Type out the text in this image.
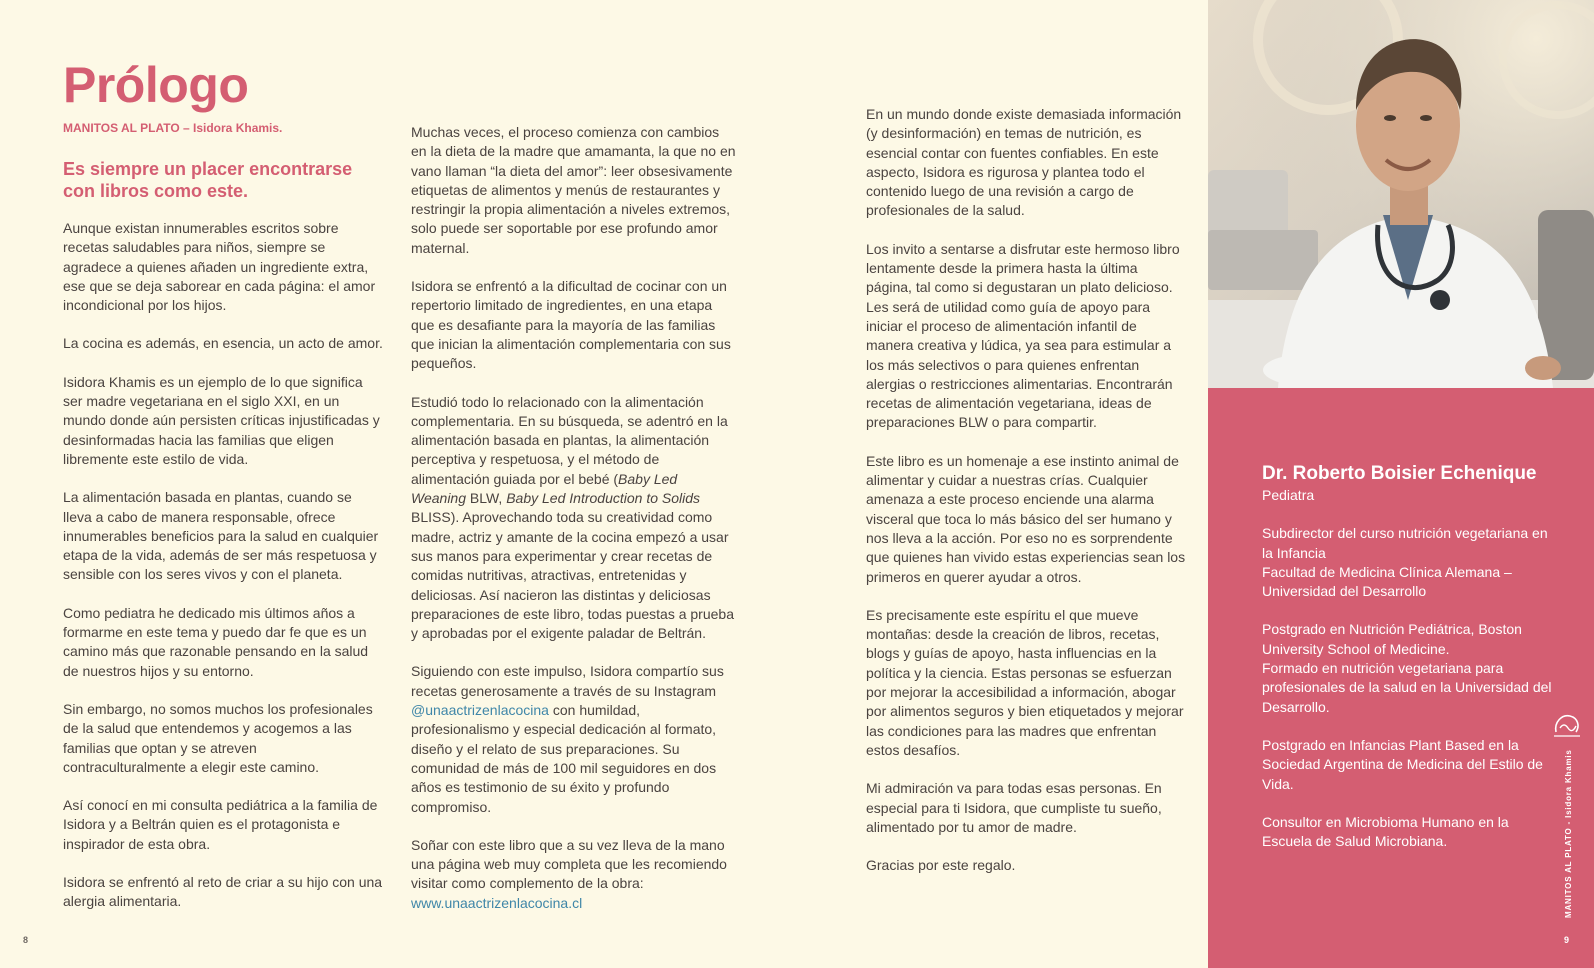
Prólogo
MANITOS AL PLATO – Isidora Khamis.

Es siempre un placer encontrarse con libros como este.

Aunque existan innumerables escritos sobre recetas saludables para niños, siempre se agradece a quienes añaden un ingrediente extra, ese que se deja saborear en cada página: el amor incondicional por los hijos.

La cocina es además, en esencia, un acto de amor.

Isidora Khamis es un ejemplo de lo que significa ser madre vegetariana en el siglo XXI, en un mundo donde aún persisten críticas injustificadas y desinformadas hacia las familias que eligen libremente este estilo de vida.

La alimentación basada en plantas, cuando se lleva a cabo de manera responsable, ofrece innumerables beneficios para la salud en cualquier etapa de la vida, además de ser más respetuosa y sensible con los seres vivos y con el planeta.

Como pediatra he dedicado mis últimos años a formarme en este tema y puedo dar fe que es un camino más que razonable pensando en la salud de nuestros hijos y su entorno.

Sin embargo, no somos muchos los profesionales de la salud que entendemos y acogemos a las familias que optan y se atreven contraculturalmente a elegir este camino.

Así conocí en mi consulta pediátrica a la familia de Isidora y a Beltrán quien es el protagonista e inspirador de esta obra.

Isidora se enfrentó al reto de criar a su hijo con una alergia alimentaria.

Muchas veces, el proceso comienza con cambios en la dieta de la madre que amamanta, la que no en vano llaman “la dieta del amor”: leer obsesivamente etiquetas de alimentos y menús de restaurantes y restringir la propia alimentación a niveles extremos, solo puede ser soportable por ese profundo amor maternal.

Isidora se enfrentó a la dificultad de cocinar con un repertorio limitado de ingredientes, en una etapa que es desafiante para la mayoría de las familias que inician la alimentación complementaria con sus pequeños.

Estudió todo lo relacionado con la alimentación complementaria. En su búsqueda, se adentró en la alimentación basada en plantas, la alimentación perceptiva y respetuosa, y el método de alimentación guiada por el bebé (Baby Led Weaning BLW, Baby Led Introduction to Solids BLISS). Aprovechando toda su creatividad como madre, actriz y amante de la cocina empezó a usar sus manos para experimentar y crear recetas de comidas nutritivas, atractivas, entretenidas y deliciosas. Así nacieron las distintas y deliciosas preparaciones de este libro, todas puestas a prueba y aprobadas por el exigente paladar de Beltrán.

Siguiendo con este impulso, Isidora compartío sus recetas generosamente a través de su Instagram @unaactrizenlacocina con humildad, profesionalismo y especial dedicación al formato, diseño y el relato de sus preparaciones. Su comunidad de más de 100 mil seguidores en dos años es testimonio de su éxito y profundo compromiso.

Soñar con este libro que a su vez lleva de la mano una página web muy completa que les recomiendo visitar como complemento de la obra: www.unaactrizenlacocina.cl

En un mundo donde existe demasiada información (y desinformación) en temas de nutrición, es esencial contar con fuentes confiables. En este aspecto, Isidora es rigurosa y plantea todo el contenido luego de una revisión a cargo de profesionales de la salud.

Los invito a sentarse a disfrutar este hermoso libro lentamente desde la primera hasta la última página, tal como si degustaran un plato delicioso. Les será de utilidad como guía de apoyo para iniciar el proceso de alimentación infantil de manera creativa y lúdica, ya sea para estimular a los más selectivos o para quienes enfrentan alergias o restricciones alimentarias. Encontrarán recetas de alimentación vegetariana, ideas de preparaciones BLW o para compartir.

Este libro es un homenaje a ese instinto animal de alimentar y cuidar a nuestras crías. Cualquier amenaza a este proceso enciende una alarma visceral que toca lo más básico del ser humano y nos lleva a la acción. Por eso no es sorprendente que quienes han vivido estas experiencias sean los primeros en querer ayudar a otros.

Es precisamente este espíritu el que mueve montañas: desde la creación de libros, recetas, blogs y guías de apoyo, hasta influencias en la política y la ciencia. Estas personas se esfuerzan por mejorar la accesibilidad a información, abogar por alimentos seguros y bien etiquetados y mejorar las condiciones para las madres que enfrentan estos desafíos.

Mi admiración va para todas esas personas. En especial para ti Isidora, que cumpliste tu sueño, alimentado por tu amor de madre.

Gracias por este regalo.

8

Dr. Roberto Boisier Echenique

Pediatra

Subdirector del curso nutrición vegetariana en la Infancia
Facultad de Medicina Clínica Alemana – Universidad del Desarrollo

Postgrado en Nutrición Pediátrica, Boston University School of Medicine.
Formado en nutrición vegetariana para profesionales de la salud en la Universidad del Desarrollo.

Postgrado en Infancias Plant Based en la Sociedad Argentina de Medicina del Estilo de Vida.

Consultor en Microbioma Humano en la Escuela de Salud Microbiana.	MANITOS AL PLATO - Isidora Khamis
9
